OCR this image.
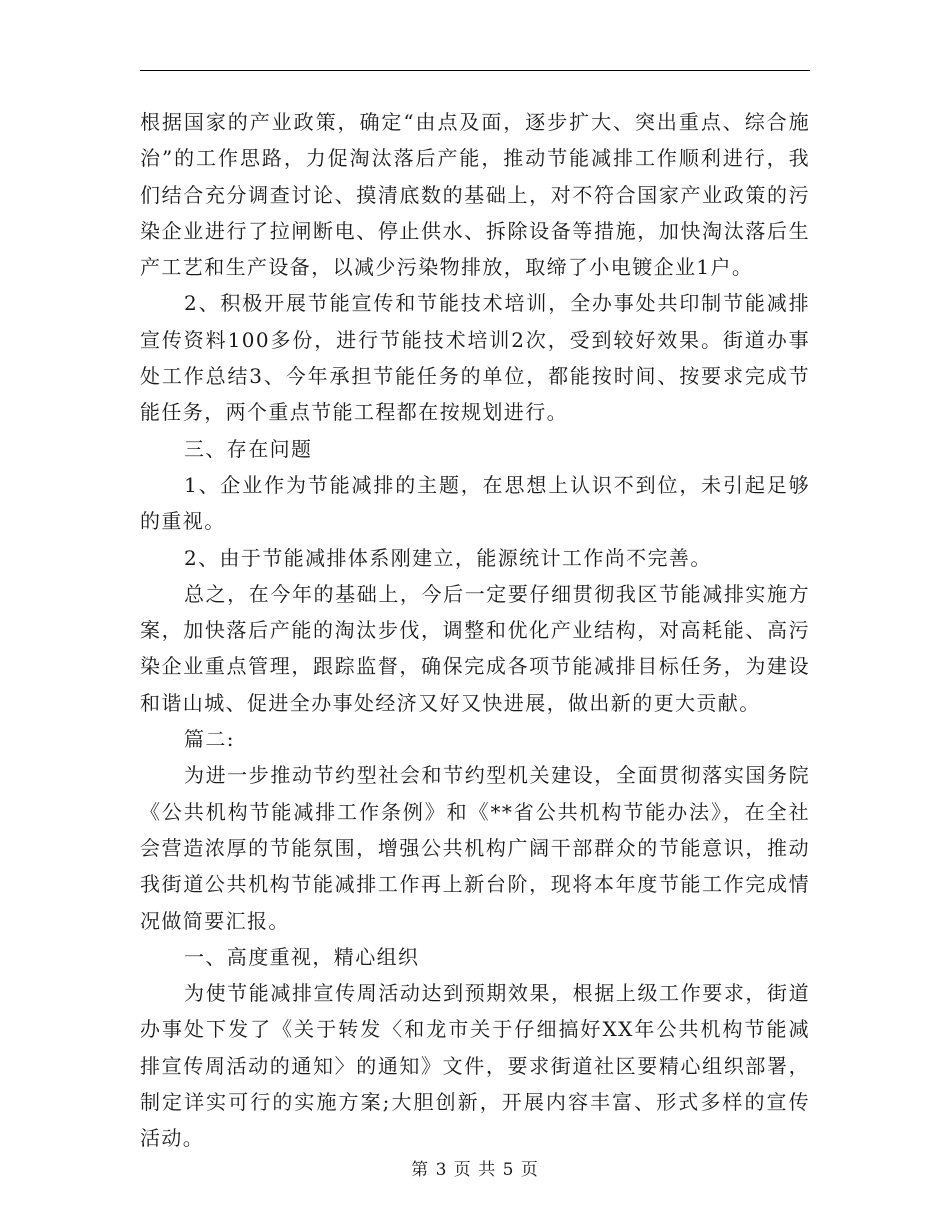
根据国家的产业政策，确定“由点及面，逐步扩大、突出重点、综合施治”的工作思路，力促淘汰落后产能，推动节能减排工作顺利进行，我们结合充分调查讨论、摸清底数的基础上，对不符合国家产业政策的污染企业进行了拉闸断电、停止供水、拆除设备等措施，加快淘汰落后生产工艺和生产设备，以减少污染物排放，取缔了小电镀企业1户。

2、积极开展节能宣传和节能技术培训，全办事处共印制节能减排宣传资料100多份，进行节能技术培训2次，受到较好效果。街道办事处工作总结3、今年承担节能任务的单位，都能按时间、按要求完成节能任务，两个重点节能工程都在按规划进行。

三、存在问题

1、企业作为节能减排的主题，在思想上认识不到位，未引起足够的重视。

2、由于节能减排体系刚建立，能源统计工作尚不完善。

总之，在今年的基础上，今后一定要仔细贯彻我区节能减排实施方案，加快落后产能的淘汰步伐，调整和优化产业结构，对高耗能、高污染企业重点管理，跟踪监督，确保完成各项节能减排目标任务，为建设和谐山城、促进全办事处经济又好又快进展，做出新的更大贡献。

篇二:

为进一步推动节约型社会和节约型机关建设，全面贯彻落实国务院《公共机构节能减排工作条例》和《**省公共机构节能办法》，在全社会营造浓厚的节能氛围，增强公共机构广阔干部群众的节能意识，推动我街道公共机构节能减排工作再上新台阶，现将本年度节能工作完成情况做简要汇报。

一、高度重视，精心组织

为使节能减排宣传周活动达到预期效果，根据上级工作要求，街道办事处下发了《关于转发〈和龙市关于仔细搞好XX年公共机构节能减排宣传周活动的通知〉的通知》文件，要求街道社区要精心组织部署，制定详实可行的实施方案;大胆创新，开展内容丰富、形式多样的宣传活动。

第 3 页 共 5 页
